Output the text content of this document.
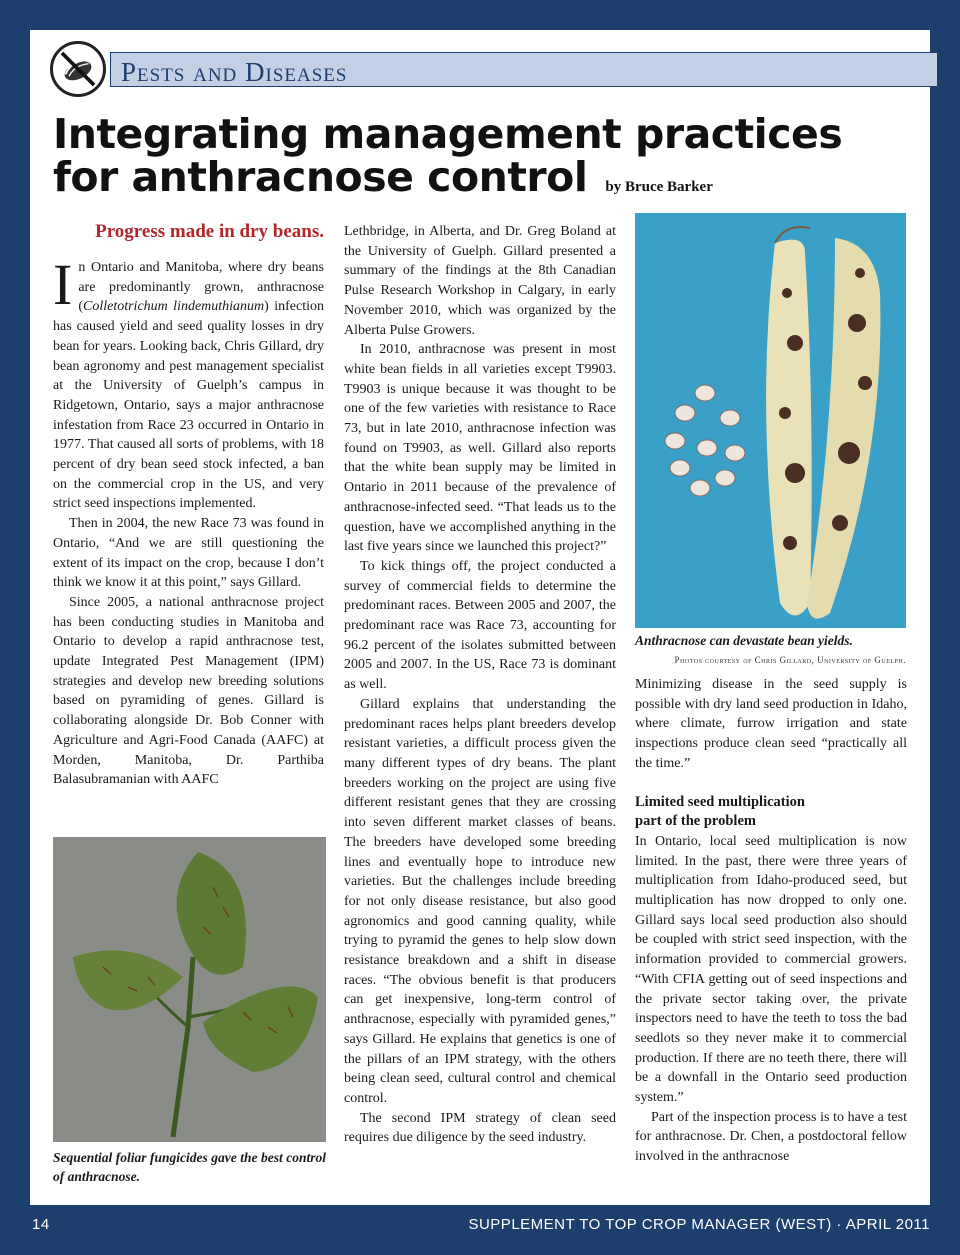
Pests and Diseases
Integrating management practices
for anthracnose control by Bruce Barker
Progress made in dry beans.

In Ontario and Manitoba, where dry beans are predominantly grown, anthracnose (Colletotrichum lindemuthianum) infection has caused yield and seed quality losses in dry bean for years. Looking back, Chris Gillard, dry bean agronomy and pest management specialist at the University of Guelph’s campus in Ridgetown, Ontario, says a major anthracnose infestation from Race 23 occurred in Ontario in 1977. That caused all sorts of problems, with 18 percent of dry bean seed stock infected, a ban on the commercial crop in the US, and very strict seed inspections implemented.

Then in 2004, the new Race 73 was found in Ontario, “And we are still questioning the extent of its impact on the crop, because I don’t think we know it at this point,” says Gillard.

Since 2005, a national anthracnose project has been conducting studies in Manitoba and Ontario to develop a rapid anthracnose test, update Integrated Pest Management (IPM) strategies and develop new breeding solutions based on pyramiding of genes. Gillard is collaborating alongside Dr. Bob Conner with Agriculture and Agri-Food Canada (AAFC) at Morden, Manitoba, Dr. Parthiba Balasubramanian with AAFC

Sequential foliar fungicides gave the best control of anthracnose.

Lethbridge, in Alberta, and Dr. Greg Boland at the University of Guelph. Gillard presented a summary of the findings at the 8th Canadian Pulse Research Workshop in Calgary, in early November 2010, which was organized by the Alberta Pulse Growers.

In 2010, anthracnose was present in most white bean fields in all varieties except T9903. T9903 is unique because it was thought to be one of the few varieties with resistance to Race 73, but in late 2010, anthracnose infection was found on T9903, as well. Gillard also reports that the white bean supply may be limited in Ontario in 2011 because of the prevalence of anthracnose-infected seed. “That leads us to the question, have we accomplished anything in the last five years since we launched this project?”

To kick things off, the project conducted a survey of commercial fields to determine the predominant races. Between 2005 and 2007, the predominant race was Race 73, accounting for 96.2 percent of the isolates submitted between 2005 and 2007. In the US, Race 73 is dominant as well.

Gillard explains that understanding the predominant races helps plant breeders develop resistant varieties, a difficult process given the many different types of dry beans. The plant breeders working on the project are using five different resistant genes that they are crossing into seven different market classes of beans. The breeders have developed some breeding lines and eventually hope to introduce new varieties. But the challenges include breeding for not only disease resistance, but also good agronomics and good canning quality, while trying to pyramid the genes to help slow down resistance breakdown and a shift in disease races. “The obvious benefit is that producers can get inexpensive, long-term control of anthracnose, especially with pyramided genes,” says Gillard. He explains that genetics is one of the pillars of an IPM strategy, with the others being clean seed, cultural control and chemical control.

The second IPM strategy of clean seed requires due diligence by the seed industry.

Anthracnose can devastate bean yields.
Photos courtesy of Chris Gillard, University of Guelph.

Minimizing disease in the seed supply is possible with dry land seed production in Idaho, where climate, furrow irrigation and state inspections produce clean seed “practically all the time.”

Limited seed multiplication
part of the problem

In Ontario, local seed multiplication is now limited. In the past, there were three years of multiplication from Idaho-produced seed, but multiplication has now dropped to only one. Gillard says local seed production also should be coupled with strict seed inspection, with the information provided to commercial growers. “With CFIA getting out of seed inspections and the private sector taking over, the private inspectors need to have the teeth to toss the bad seedlots so they never make it to commercial production. If there are no teeth there, there will be a downfall in the Ontario seed production system.”

Part of the inspection process is to have a test for anthracnose. Dr. Chen, a postdoctoral fellow involved in the anthracnose

14	SUPPLEMENT TO TOP CROP MANAGER (WEST) · APRIL 2011
